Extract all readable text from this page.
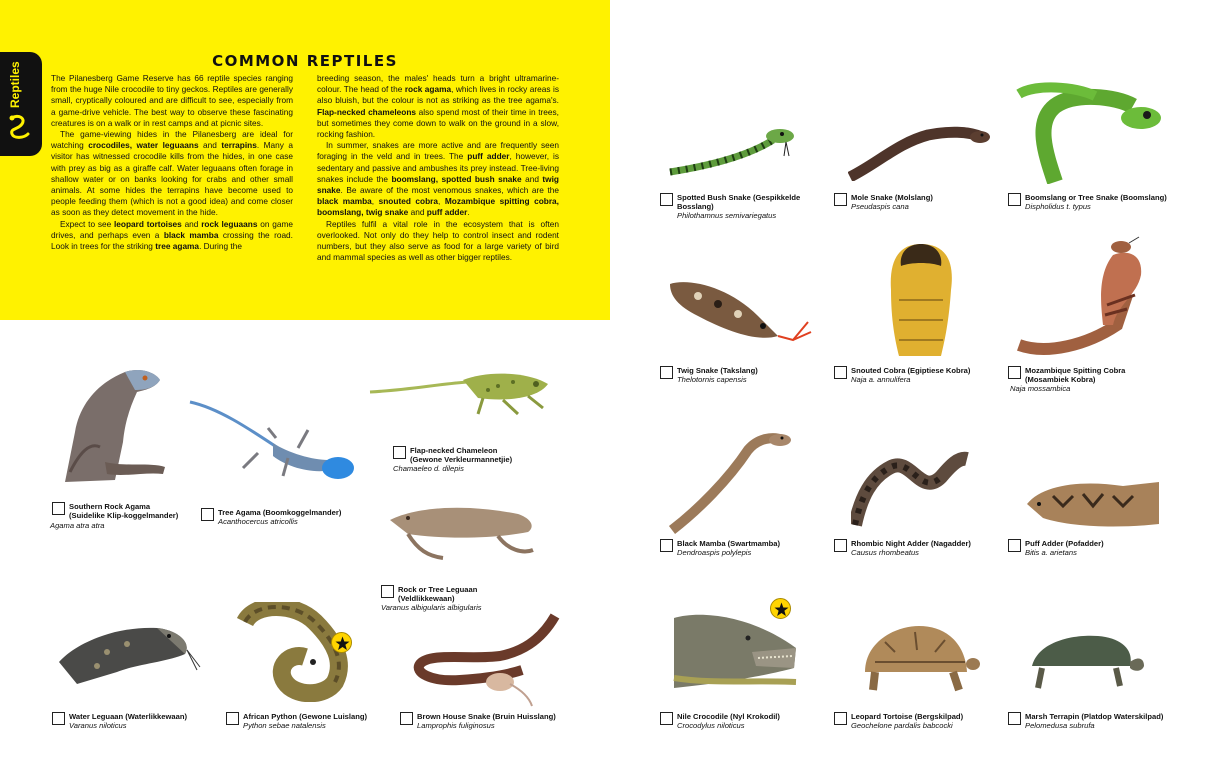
Reptiles
COMMON REPTILES

The Pilanesberg Game Reserve has 66 reptile species ranging from the huge Nile crocodile to tiny geckos. Reptiles are generally small, cryptically coloured and are difficult to see, especially from a game-drive vehicle. The best way to observe these fascinating creatures is on a walk or in rest camps and at picnic sites.

The game-viewing hides in the Pilanesberg are ideal for watching crocodiles, water leguaans and terrapins. Many a visitor has witnessed crocodile kills from the hides, in one case with prey as big as a giraffe calf. Water leguaans often forage in shallow water or on banks looking for crabs and other small animals. At some hides the terrapins have become used to people feeding them (which is not a good idea) and come closer as soon as they detect movement in the hide.

Expect to see leopard tortoises and rock leguaans on game drives, and perhaps even a black mamba crossing the road. Look in trees for the striking tree agama. During the

breeding season, the males' heads turn a bright ultramarine-colour. The head of the rock agama, which lives in rocky areas is also bluish, but the colour is not as striking as the tree agama's. Flap-necked chameleons also spend most of their time in trees, but sometimes they come down to walk on the ground in a slow, rocking fashion.

In summer, snakes are more active and are frequently seen foraging in the veld and in trees. The puff adder, however, is sedentary and passive and ambushes its prey instead. Tree-living snakes include the boomslang, spotted bush snake and twig snake. Be aware of the most venomous snakes, which are the black mamba, snouted cobra, Mozambique spitting cobra, boomslang, twig snake and puff adder.

Reptiles fulfil a vital role in the ecosystem that is often overlooked. Not only do they help to control insect and rodent numbers, but they also serve as food for a large variety of bird and mammal species as well as other bigger reptiles.

Southern Rock Agama
(Suidelike Klip-koggelmander)
Agama atra atra
Tree Agama (Boomkoggelmander)
Acanthocercus atricollis
Flap-necked Chameleon
(Gewone Verkleurmannetjie)
Chamaeleo d. dilepis
Rock or Tree Leguaan
(Veldlikkewaan)
Varanus albigularis albigularis
Water Leguaan (Waterlikkewaan)
Varanus niloticus
African Python (Gewone Luislang)
Python sebae natalensis
Brown House Snake (Bruin Huisslang)
Lamprophis fuliginosus
Spotted Bush Snake (Gespikkelde Bosslang)
Philothamnus semivariegatus
Mole Snake (Molslang)
Pseudaspis cana
Boomslang or Tree Snake (Boomslang)
Dispholidus t. typus
Twig Snake (Takslang)
Thelotornis capensis
Snouted Cobra (Egiptiese Kobra)
Naja a. annulifera
Mozambique Spitting Cobra
(Mosambiek Kobra)
Naja mossambica
Black Mamba (Swartmamba)
Dendroaspis polylepis
Rhombic Night Adder (Nagadder)
Causus rhombeatus
Puff Adder (Pofadder)
Bitis a. arietans
Nile Crocodile (Nyl Krokodil)
Crocodylus niloticus
Leopard Tortoise (Bergskilpad)
Geochelone pardalis babcocki
Marsh Terrapin (Platdop Waterskilpad)
Pelomedusa subrufa
